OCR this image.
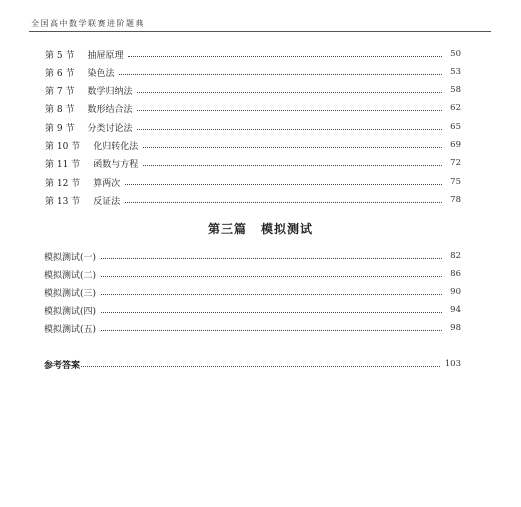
全国高中数学联赛进阶题典
第 5 节 抽屉原理	50
第 6 节 染色法	53
第 7 节 数学归纳法	58
第 8 节 数形结合法	62
第 9 节 分类讨论法	65
第 10 节 化归转化法	69
第 11 节 函数与方程	72
第 12 节 算两次	75
第 13 节 反证法	78
第三篇 模拟测试
模拟测试(一)	82
模拟测试(二)	86
模拟测试(三)	90
模拟测试(四)	94
模拟测试(五)	98
参考答案	103
